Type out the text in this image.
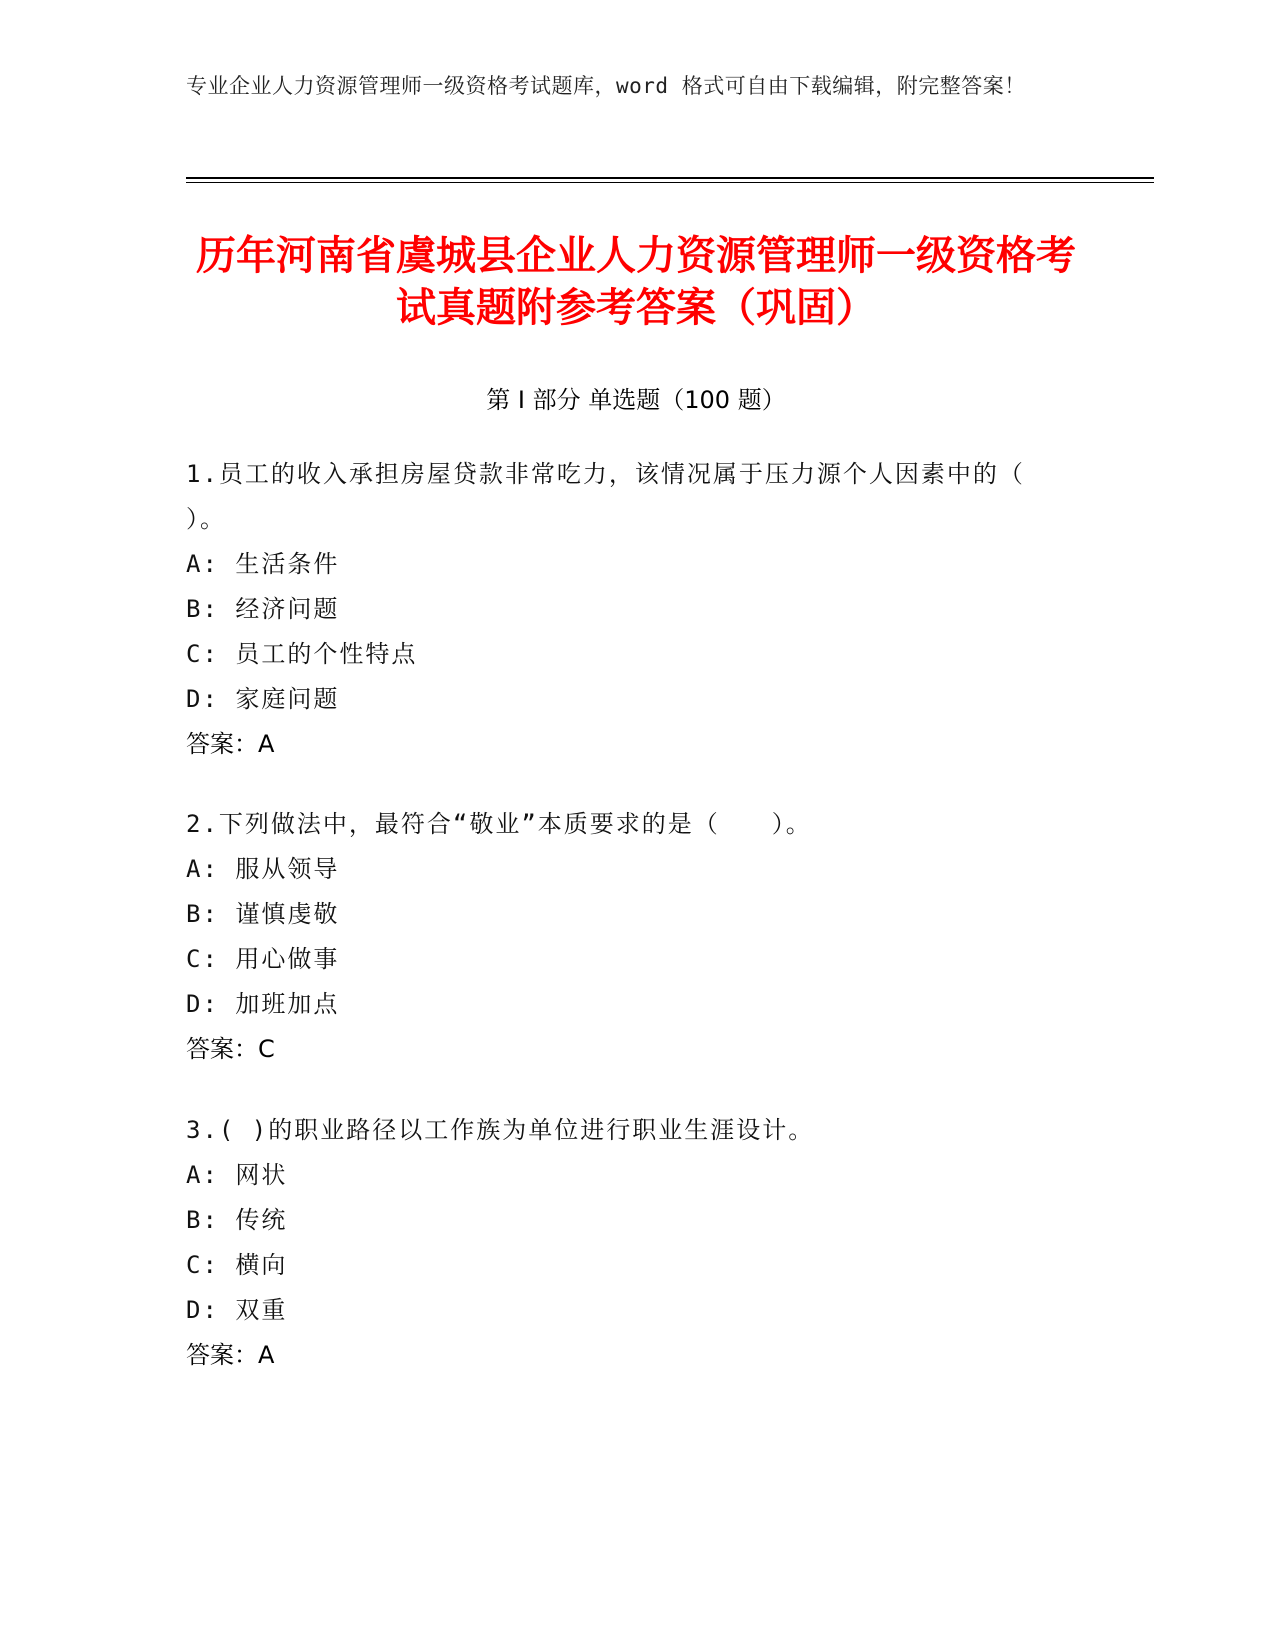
专业企业人力资源管理师一级资格考试题库，word 格式可自由下载编辑，附完整答案！
历年河南省虞城县企业人力资源管理师一级资格考试真题附参考答案（巩固）
第 I 部分 单选题（100 题）
1.员工的收入承担房屋贷款非常吃力，该情况属于压力源个人因素中的（ ）。
A: 生活条件
B: 经济问题
C: 员工的个性特点
D: 家庭问题
答案：A
2.下列做法中，最符合“敬业”本质要求的是（　　）。
A: 服从领导
B: 谨慎虔敬
C: 用心做事
D: 加班加点
答案：C
3.( )的职业路径以工作族为单位进行职业生涯设计。
A: 网状
B: 传统
C: 横向
D: 双重
答案：A
